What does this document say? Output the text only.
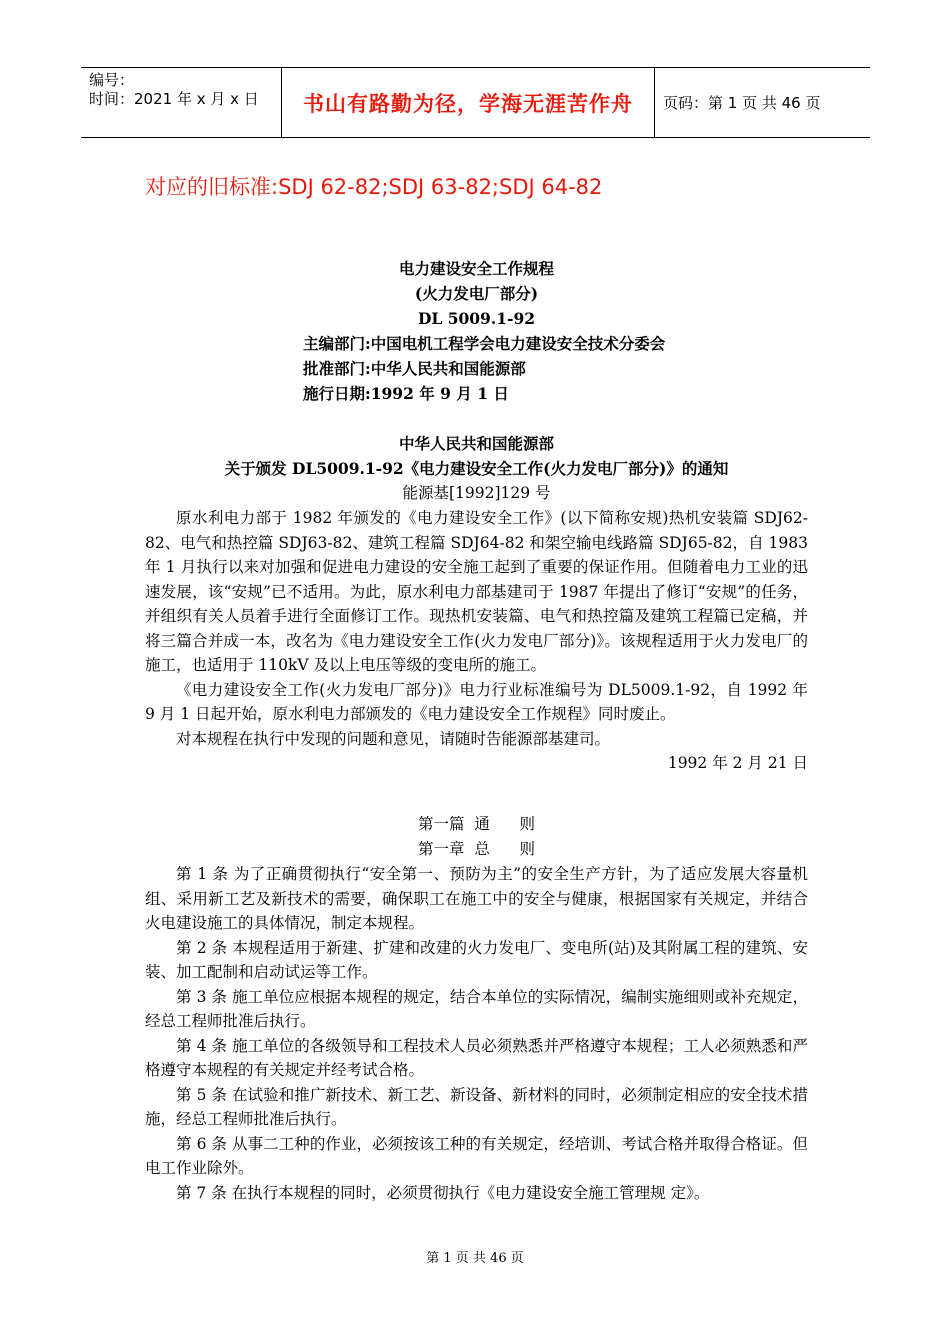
编号：
时间：2021 年 x 月 x 日	书山有路勤为径，学海无涯苦作舟 页码：第 1 页 共 46 页
对应的旧标准:SDJ 62-82;SDJ 63-82;SDJ 64-82
电力建设安全工作规程
(火力发电厂部分)
DL 5009.1-92
主编部门:中国电机工程学会电力建设安全技术分委会
批准部门:中华人民共和国能源部
施行日期:1992 年 9 月 1 日
中华人民共和国能源部
关于颁发 DL5009.1-92《电力建设安全工作(火力发电厂部分)》的通知
能源基[1992]129 号

原水利电力部于 1982 年颁发的《电力建设安全工作》(以下简称安规)热机安装篇 SDJ62-82、电气和热控篇 SDJ63-82、建筑工程篇 SDJ64-82 和架空输电线路篇 SDJ65-82，自 1983 年 1 月执行以来对加强和促进电力建设的安全施工起到了重要的保证作用。但随着电力工业的迅速发展，该“安规”已不适用。为此，原水利电力部基建司于 1987 年提出了修订“安规”的任务，并组织有关人员着手进行全面修订工作。现热机安装篇、电气和热控篇及建筑工程篇已定稿，并将三篇合并成一本，改名为《电力建设安全工作(火力发电厂部分)》。该规程适用于火力发电厂的施工，也适用于 110kV 及以上电压等级的变电所的施工。

《电力建设安全工作(火力发电厂部分)》电力行业标准编号为 DL5009.1-92，自 1992 年 9 月 1 日起开始，原水利电力部颁发的《电力建设安全工作规程》同时废止。

对本规程在执行中发现的问题和意见，请随时告能源部基建司。

1992 年 2 月 21 日
第一篇  通      则
第一章  总      则

第 1 条 为了正确贯彻执行“安全第一、预防为主”的安全生产方针，为了适应发展大容量机组、采用新工艺及新技术的需要，确保职工在施工中的安全与健康，根据国家有关规定，并结合火电建设施工的具体情况，制定本规程。

第 2 条 本规程适用于新建、扩建和改建的火力发电厂、变电所(站)及其附属工程的建筑、安装、加工配制和启动试运等工作。

第 3 条 施工单位应根据本规程的规定，结合本单位的实际情况，编制实施细则或补充规定，经总工程师批准后执行。

第 4 条 施工单位的各级领导和工程技术人员必须熟悉并严格遵守本规程；工人必须熟悉和严格遵守本规程的有关规定并经考试合格。

第 5 条 在试验和推广新技术、新工艺、新设备、新材料的同时，必须制定相应的安全技术措施，经总工程师批准后执行。

第 6 条 从事二工种的作业，必须按该工种的有关规定，经培训、考试合格并取得合格证。但电工作业除外。

第 7 条 在执行本规程的同时，必须贯彻执行《电力建设安全施工管理规 定》。

第 1 页 共 46 页
